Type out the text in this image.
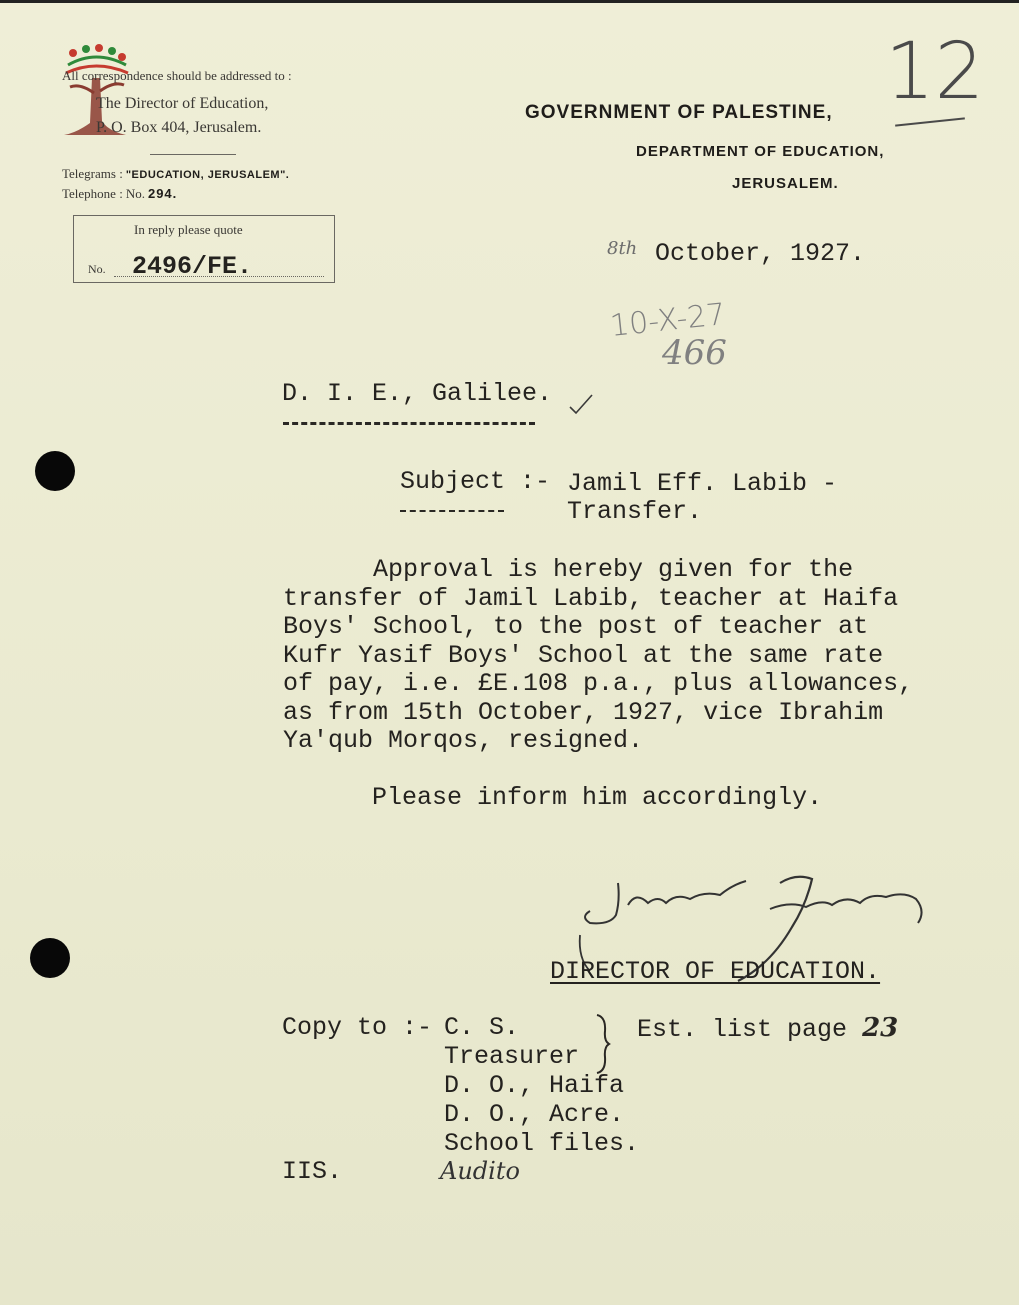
All correspondence should be addressed to :
The Director of Education,
P. O. Box 404, Jerusalem.
Telegrams : "EDUCATION, JERUSALEM".
Telephone : No. 294.
In reply please quote
No. 2496/FE.
GOVERNMENT OF PALESTINE,
DEPARTMENT OF EDUCATION,
JERUSALEM.
12
8th October, 1927.
10-X-27
466
D. I. E., Galilee.
Subject :- Jamil Eff. Labib -
Transfer.
Approval is hereby given for the
transfer of Jamil Labib, teacher at Haifa
Boys' School, to the post of teacher at
Kufr Yasif Boys' School at the same rate
of pay, i.e. £E.108 p.a., plus allowances,
as from 15th October, 1927, vice Ibrahim
Ya'qub Morqos, resigned.
Please inform him accordingly.
DIRECTOR OF EDUCATION.
Copy to :- C. S.
Treasurer
D. O., Haifa
D. O., Acre.
School files.
Est. list page 23
IIS.	Audito
